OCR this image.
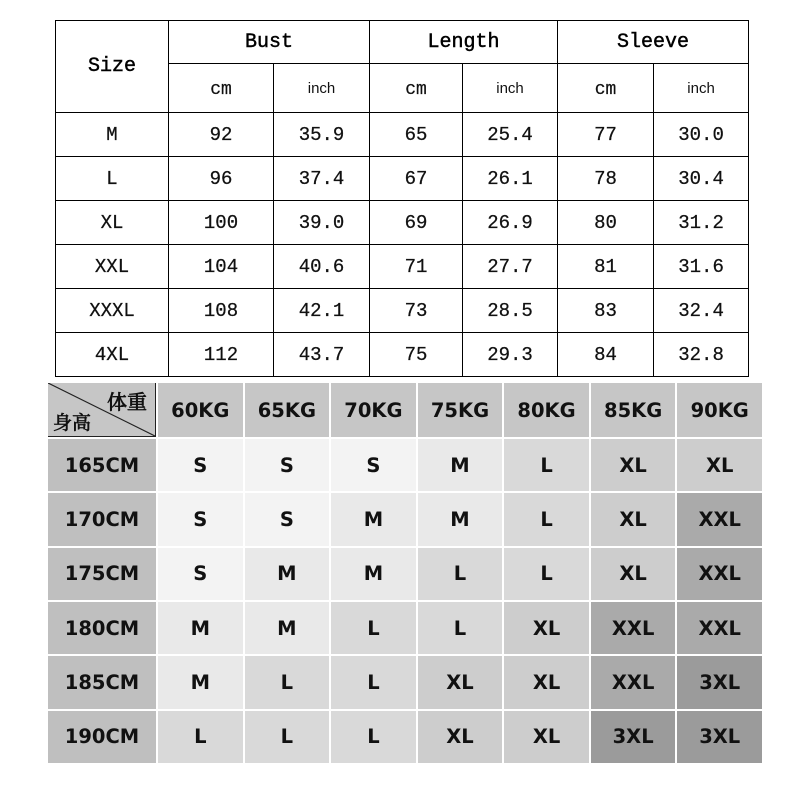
Size	Bust		Length		Sleeve	
	cm	inch	cm	inch	cm	inch
M	92	35.9	65	25.4	77	30.0
L	96	37.4	67	26.1	78	30.4
XL	100	39.0	69	26.9	80	31.2
XXL	104	40.6	71	27.7	81	31.6
XXXL	108	42.1	73	28.5	83	32.4
4XL	112	43.7	75	29.3	84	32.8
体重
身高
60KG	65KG	70KG	75KG	80KG	85KG	90KG
165CM	S	S	S	M	L	XL	XL
170CM	S	S	M	M	L	XL	XXL
175CM	S	M	M	L	L	XL	XXL
180CM	M	M	L	L	XL	XXL	XXL
185CM	M	L	L	XL	XL	XXL	3XL
190CM	L	L	L	XL	XL	3XL	3XL
